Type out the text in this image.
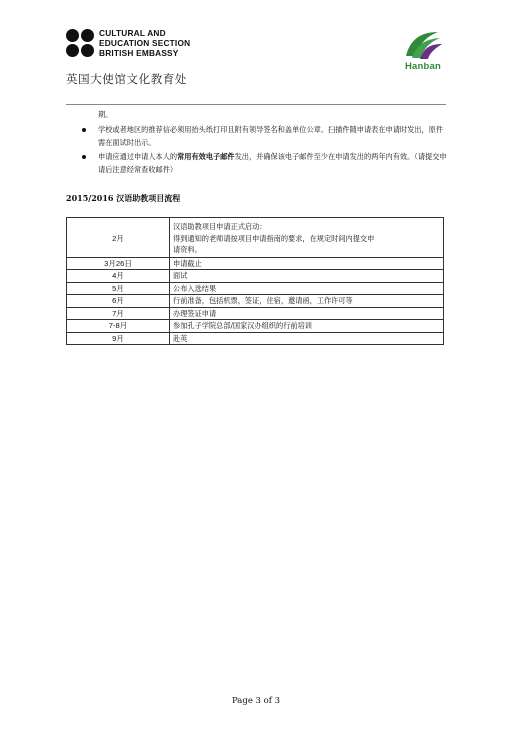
CULTURAL AND
EDUCATION SECTION
BRITISH EMBASSY
英国大使馆文化教育处
Hanban
期。
学校或者地区的推荐信必须用抬头纸打印且附有领导签名和盖单位公章。扫描件随申请表在申请时发出，原件需在面试时出示。
申请应通过申请人本人的常用有效电子邮件发出，并确保该电子邮件至少在申请发出的两年内有效。（请提交申请后注意经常查收邮件）
2015/2016 汉语助教项目流程
2月	汉语助教项目申请正式启动：
得到通知的老师请按项目申请指南的要求，在规定时间内提交申
请资料。

3月26日	申请截止
4月	面试
5月	公布入选结果
6月	行前准备，包括机票，签证，住宿，邀请函，工作许可等
7月	办理签证申请
7-8月	参加孔子学院总部/国家汉办组织的行前培训
9月	赴英
Page 3 of 3
